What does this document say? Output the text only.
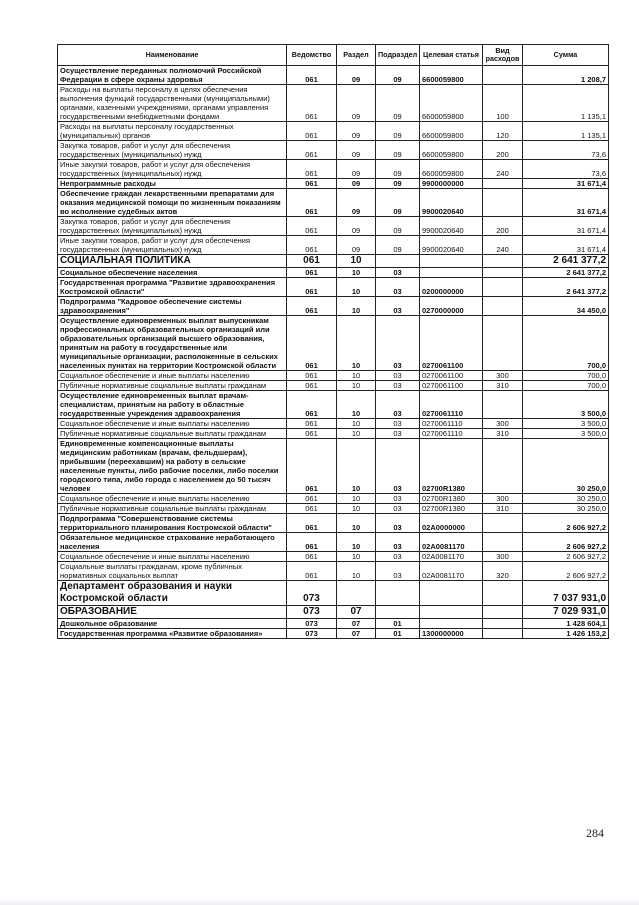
Наименование	Ведомство	Раздел	Подраздел	Целевая статья	Вид расходов	Сумма
Осуществление переданных полномочий Российской Федерации в сфере охраны здоровья	061	09	09	6600059800		1 208,7
Расходы на выплаты персоналу в целях обеспечения выполнения функций государственными (муниципальными) органами, казенными учреждениями, органами управления государственными внебюджетными фондами	061	09	09	6600059800	100	1 135,1
Расходы на выплаты персоналу государственных (муниципальных) органов	061	09	09	6600059800	120	1 135,1
Закупка товаров, работ и услуг для обеспечения государственных (муниципальных) нужд	061	09	09	6600059800	200	73,6
Иные закупки товаров, работ и услуг для обеспечения государственных (муниципальных) нужд	061	09	09	6600059800	240	73,6
Непрограммные расходы	061	09	09	9900000000		31 671,4
Обеспечение граждан лекарственными препаратами для оказания медицинской помощи по жизненным показаниям во исполнение судебных актов	061	09	09	9900020640		31 671,4
Закупка товаров, работ и услуг для обеспечения государственных (муниципальных) нужд	061	09	09	9900020640	200	31 671,4
Иные закупки товаров, работ и услуг для обеспечения государственных (муниципальных) нужд	061	09	09	9900020640	240	31 671,4
СОЦИАЛЬНАЯ ПОЛИТИКА	061	10				2 641 377,2
Социальное обеспечение населения	061	10	03			2 641 377,2
Государственная программа "Развитие здравоохранения Костромской области"	061	10	03	0200000000		2 641 377,2
Подпрограмма "Кадровое обеспечение системы здравоохранения"	061	10	03	0270000000		34 450,0
Осуществление единовременных выплат выпускникам профессиональных образовательных организаций или образовательных организаций высшего образования, принятым на работу в государственные или муниципальные организации, расположенные в сельских населенных пунктах на территории Костромской области	061	10	03	0270061100		700,0
Социальное обеспечение и иные выплаты населению	061	10	03	0270061100	300	700,0
Публичные нормативные социальные выплаты гражданам	061	10	03	0270061100	310	700,0
Осуществление единовременных выплат врачам-специалистам, принятым на работу в областные государственные учреждения здравоохранения	061	10	03	0270061110		3 500,0
Социальное обеспечение и иные выплаты населению	061	10	03	0270061110	300	3 500,0
Публичные нормативные социальные выплаты гражданам	061	10	03	0270061110	310	3 500,0
Единовременные компенсационные выплаты медицинским работникам (врачам, фельдшерам), прибывшим (переехавшим) на работу в сельские населенные пункты, либо рабочие поселки, либо поселки городского типа, либо города с населением до 50 тысяч человек	061	10	03	02700R1380		30 250,0
Социальное обеспечение и иные выплаты населению	061	10	03	02700R1380	300	30 250,0
Публичные нормативные социальные выплаты гражданам	061	10	03	02700R1380	310	30 250,0
Подпрограмма "Совершенствование системы территориального планирования Костромской области"	061	10	03	02А0000000		2 606 927,2
Обязательное медицинское страхование неработающего населения	061	10	03	02А0081170		2 606 927,2
Социальное обеспечение и иные выплаты населению	061	10	03	02А0081170	300	2 606 927,2
Социальные выплаты гражданам, кроме публичных нормативных социальных выплат	061	10	03	02А0081170	320	2 606 927,2
Департамент образования и науки Костромской области	073					7 037 931,0
ОБРАЗОВАНИЕ	073	07				7 029 931,0
Дошкольное образование	073	07	01			1 428 604,1
Государственная программа «Развитие образования»	073	07	01	1300000000		1 426 153,2
284
